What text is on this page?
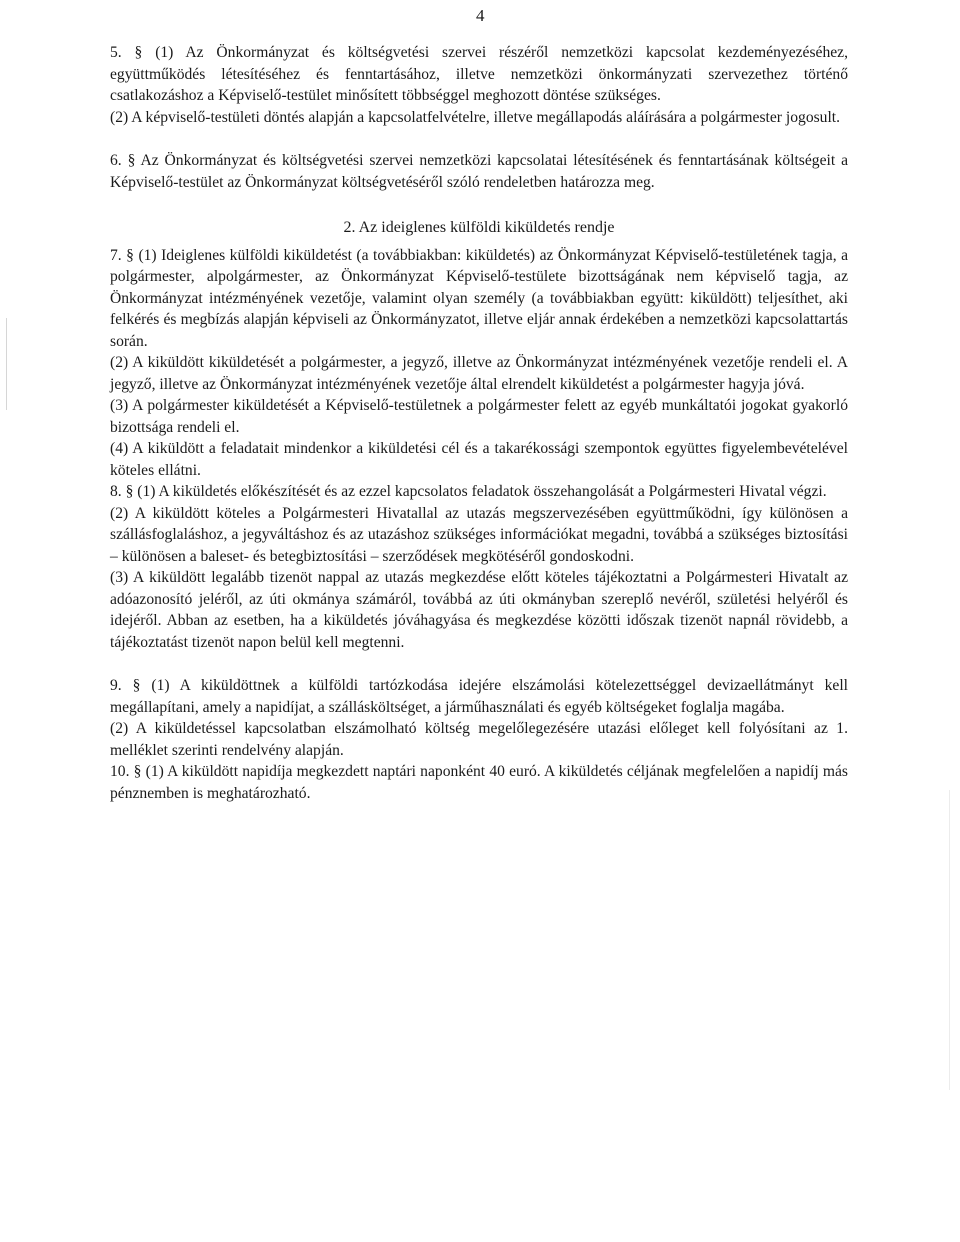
4

5. § (1) Az Önkormányzat és költségvetési szervei részéről nemzetközi kapcsolat kezdeményezéséhez, együttműködés létesítéséhez és fenntartásához, illetve nemzetközi önkormányzati szervezethez történő csatlakozáshoz a Képviselő-testület minősített többséggel meghozott döntése szükséges.

(2) A képviselő-testületi döntés alapján a kapcsolatfelvételre, illetve megállapodás aláírására a polgármester jogosult.

6. § Az Önkormányzat és költségvetési szervei nemzetközi kapcsolatai létesítésének és fenntartásának költségeit a Képviselő-testület az Önkormányzat költségvetéséről szóló rendeletben határozza meg.

2. Az ideiglenes külföldi kiküldetés rendje

7. § (1) Ideiglenes külföldi kiküldetést (a továbbiakban: kiküldetés) az Önkormányzat Képviselő-testületének tagja, a polgármester, alpolgármester, az Önkormányzat Képviselő-testülete bizottságának nem képviselő tagja, az Önkormányzat intézményének vezetője, valamint olyan személy (a továbbiakban együtt: kiküldött) teljesíthet, aki felkérés és megbízás alapján képviseli az Önkormányzatot, illetve eljár annak érdekében a nemzetközi kapcsolattartás során.

(2) A kiküldött kiküldetését a polgármester, a jegyző, illetve az Önkormányzat intézményének vezetője rendeli el. A jegyző, illetve az Önkormányzat intézményének vezetője által elrendelt kiküldetést a polgármester hagyja jóvá.

(3) A polgármester kiküldetését a Képviselő-testületnek a polgármester felett az egyéb munkáltatói jogokat gyakorló bizottsága rendeli el.

(4) A kiküldött a feladatait mindenkor a kiküldetési cél és a takarékossági szempontok együttes figyelembevételével köteles ellátni.

8. § (1) A kiküldetés előkészítését és az ezzel kapcsolatos feladatok összehangolását a Polgármesteri Hivatal végzi.

(2) A kiküldött köteles a Polgármesteri Hivatallal az utazás megszervezésében együttműködni, így különösen a szállásfoglaláshoz, a jegyváltáshoz és az utazáshoz szükséges információkat megadni, továbbá a szükséges biztosítási – különösen a baleset- és betegbiztosítási – szerződések megkötéséről gondoskodni.

(3) A kiküldött legalább tizenöt nappal az utazás megkezdése előtt köteles tájékoztatni a Polgármesteri Hivatalt az adóazonosító jeléről, az úti okmánya számáról, továbbá az úti okmányban szereplő nevéről, születési helyéről és idejéről. Abban az esetben, ha a kiküldetés jóváhagyása és megkezdése közötti időszak tizenöt napnál rövidebb, a tájékoztatást tizenöt napon belül kell megtenni.

9. § (1) A kiküldöttnek a külföldi tartózkodása idejére elszámolási kötelezettséggel devizaellátmányt kell megállapítani, amely a napidíjat, a szállásköltséget, a járműhasználati és egyéb költségeket foglalja magába.

(2) A kiküldetéssel kapcsolatban elszámolható költség megelőlegezésére utazási előleget kell folyósítani az 1. melléklet szerinti rendelvény alapján.

10. § (1) A kiküldött napidíja megkezdett naptári naponként 40 euró. A kiküldetés céljának megfelelően a napidíj más pénznemben is meghatározható.
